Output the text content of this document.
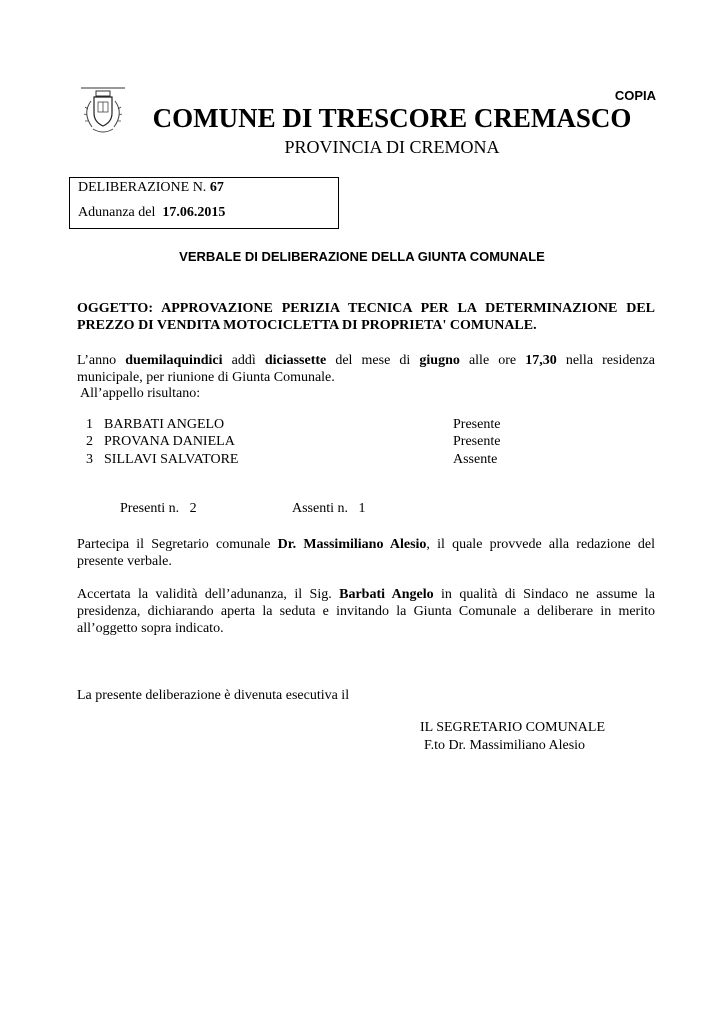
COPIA
COMUNE DI TRESCORE CREMASCO
PROVINCIA DI CREMONA
DELIBERAZIONE N. 67
Adunanza del 17.06.2015
VERBALE DI DELIBERAZIONE DELLA GIUNTA COMUNALE
OGGETTO: APPROVAZIONE PERIZIA TECNICA PER LA DETERMINAZIONE DEL PREZZO DI VENDITA MOTOCICLETTA DI PROPRIETA' COMUNALE.
L’anno duemilaquindici addì diciassette del mese di giugno alle ore 17,30 nella residenza municipale, per riunione di Giunta Comunale.
All’appello risultano:
1 BARBATI ANGELO	Presente
2 PROVANA DANIELA	Presente
3 SILLAVI SALVATORE	Assente
Presenti n. 2	Assenti n. 1
Partecipa il Segretario comunale Dr. Massimiliano Alesio, il quale provvede alla redazione del presente verbale.
Accertata la validità dell’adunanza, il Sig. Barbati Angelo in qualità di Sindaco ne assume la presidenza, dichiarando aperta la seduta e invitando la Giunta Comunale a deliberare in merito all’oggetto sopra indicato.
La presente deliberazione è divenuta esecutiva il
IL SEGRETARIO COMUNALE
F.to Dr. Massimiliano Alesio
